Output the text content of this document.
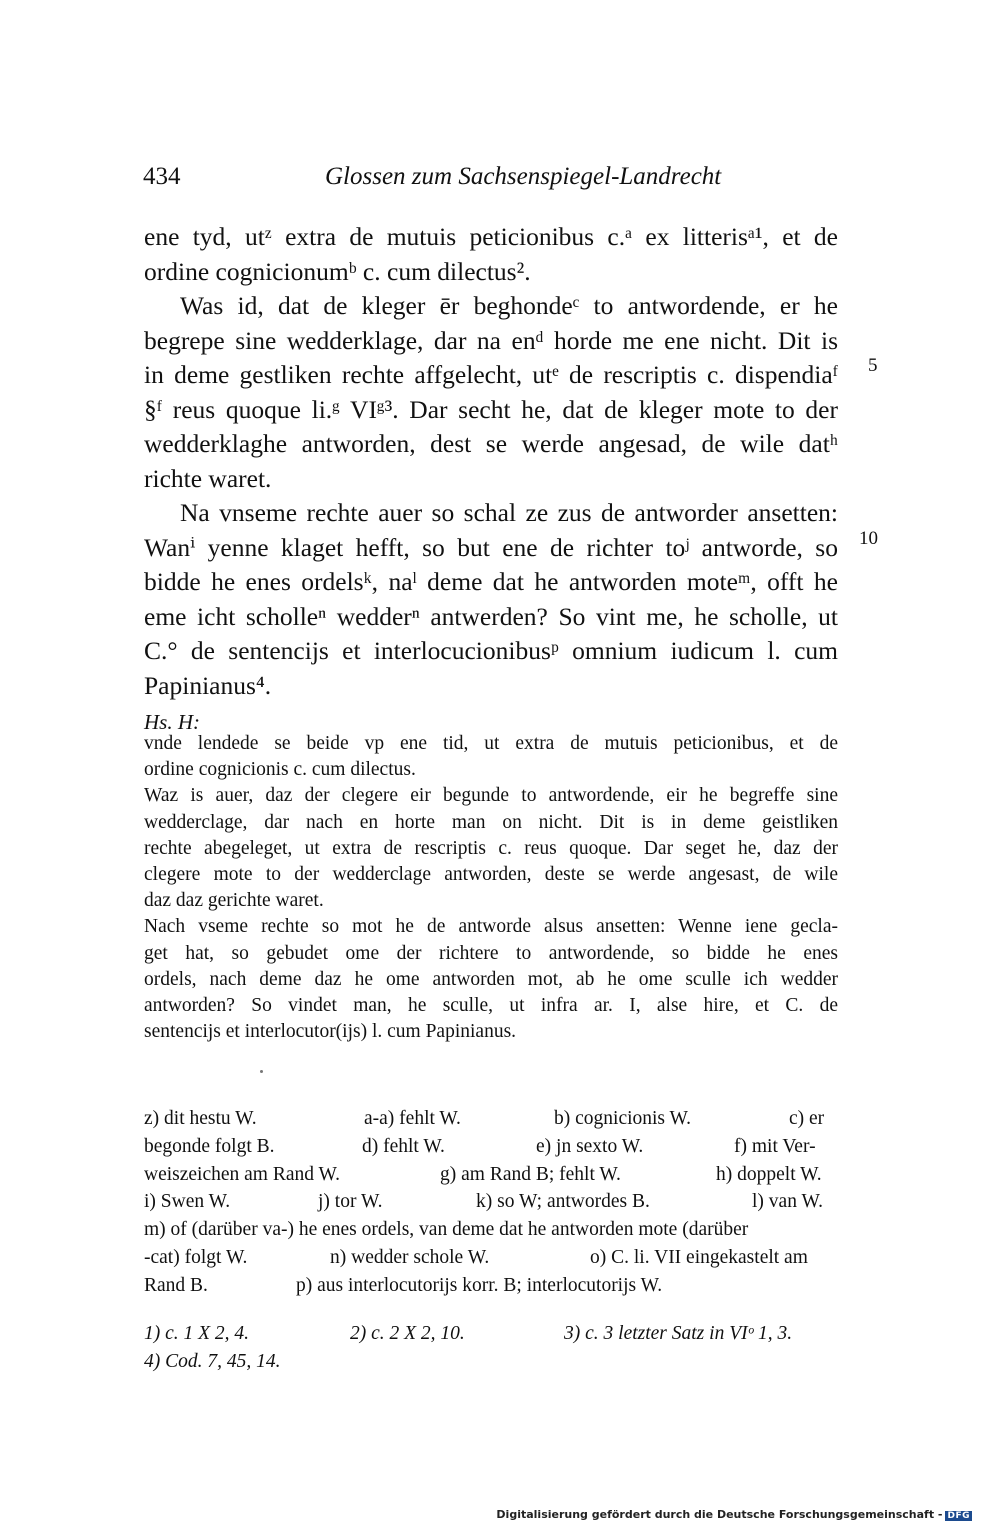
434	Glossen zum Sachsenspiegel-Landrecht
ene tyd, utᶻ extra de mutuis peticionibus c.ᵃ ex litterisᵃ¹, et de
ordine cognicionumᵇ c. cum dilectus².
Was id, dat de kleger ēr beghondeᶜ to antwordende, er he
begrepe sine wedderklage, dar na enᵈ horde me ene nicht. Dit is
in deme gestliken rechte affgelecht, utᵉ de rescriptis c. dispendiaᶠ
§ᶠ reus quoque li.ᵍ VIᵍ³. Dar secht he, dat de kleger mote to der
wedderklaghe antworden, dest se werde angesad, de wile datʰ
richte waret.
Na vnseme rechte auer so schal ze zus de antworder ansetten:
Wanⁱ yenne klaget hefft, so but ene de richter toʲ antworde, so
bidde he enes ordelsᵏ, naˡ deme dat he antworden moteᵐ, offt he
eme icht scholleⁿ wedderⁿ antwerden? So vint me, he scholle, ut
C.° de sentencijs et interlocucionibusᵖ omnium iudicum l. cum
Papinianus⁴.
5
10
Hs. H:
vnde lendede se beide vp ene tid, ut extra de mutuis peticionibus, et de
ordine cognicionis c. cum dilectus.
Waz is auer, daz der clegere eir begunde to antwordende, eir he begreffe sine
wedderclage, dar nach en horte man on nicht. Dit is in deme geistliken
rechte abegeleget, ut extra de rescriptis c. reus quoque. Dar seget he, daz der
clegere mote to der wedderclage antworden, deste se werde angesast, de wile
daz daz gerichte waret.
Nach vseme rechte so mot he de antworde alsus ansetten: Wenne iene gecla-
get hat, so gebudet ome der richtere to antwordende, so bidde he enes
ordels, nach deme daz he ome antworden mot, ab he ome sculle ich wedder
antworden? So vindet man, he sculle, ut infra ar. I, alse hire, et C. de
sentencijs et interlocutor(ijs) l. cum Papinianus.
z) dit hestu W.	a-a) fehlt W.	b) cognicionis W.	c) er
begonde folgt B.	d) fehlt W.	e) jn sexto W.	f) mit Ver-
weiszeichen am Rand W.	g) am Rand B; fehlt W.	h) doppelt W.
i) Swen W.	j) tor W.	k) so W; antwordes B.	l) van W.
m) of (darüber va-) he enes ordels, van deme dat he antworden mote (darüber
-cat) folgt W.	n) wedder schole W.	o) C. li. VII eingekastelt am
Rand B.	p) aus interlocutorijs korr. B; interlocutorijs W.
1) c. 1 X 2, 4.	2) c. 2 X 2, 10.	3) c. 3 letzter Satz in VIᵒ 1, 3.
4) Cod. 7, 45, 14.
Digitalisierung gefördert durch die Deutsche Forschungsgemeinschaft - DFG
